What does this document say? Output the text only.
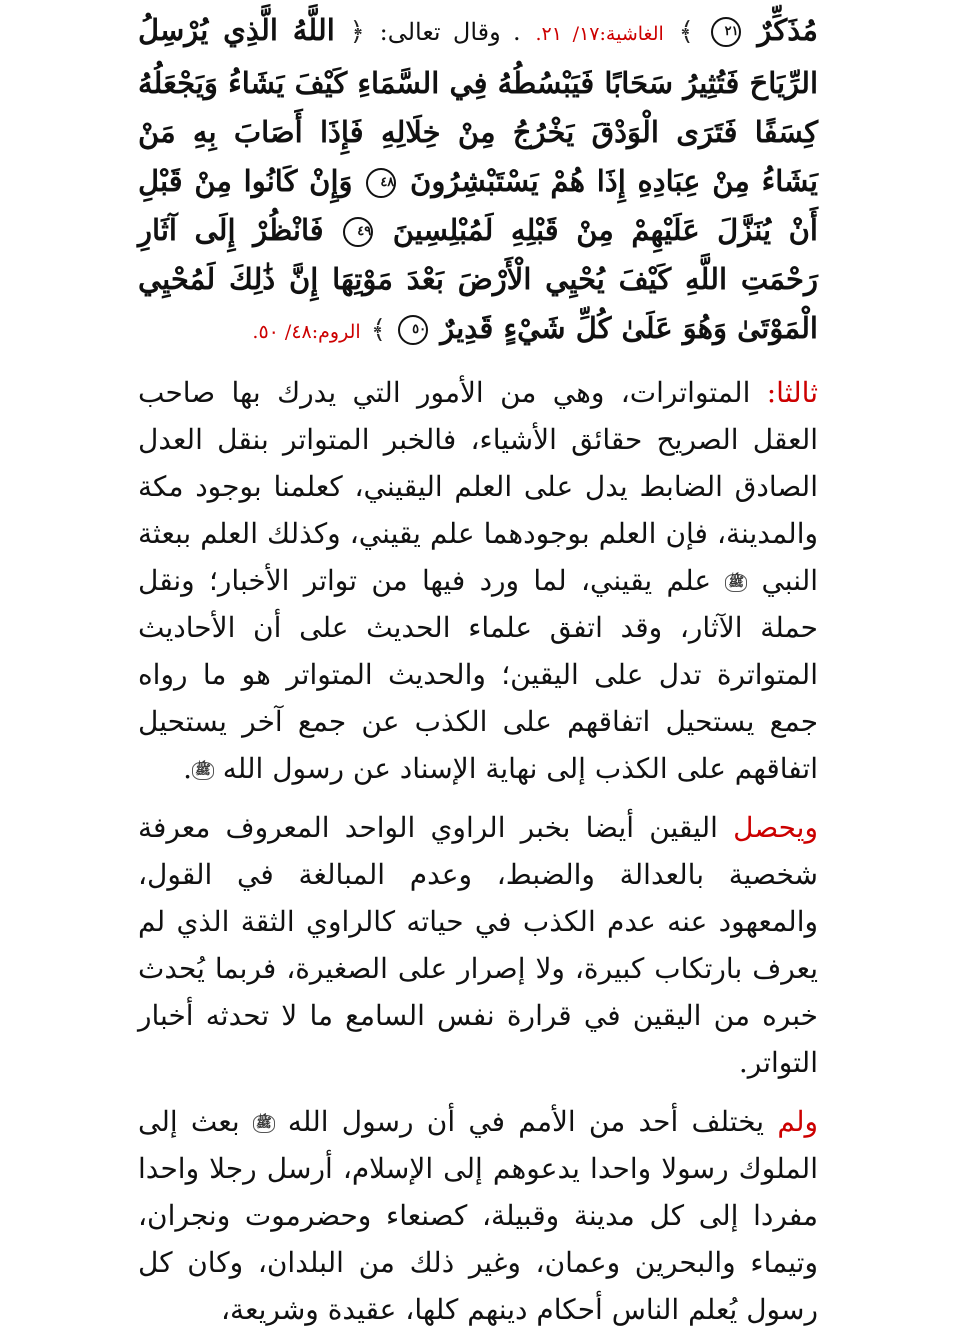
مُذَكِّرٌ ٢١ ﴾ الغاشية:١٧/ ٢١. . وقال تعالى: ﴿ اللَّهُ الَّذِي يُرْسِلُ الرِّيَاحَ فَتُثِيرُ سَحَابًا فَيَبْسُطُهُ فِي السَّمَاءِ كَيْفَ يَشَاءُ وَيَجْعَلُهُ كِسَفًا فَتَرَى الْوَدْقَ يَخْرُجُ مِنْ خِلَالِهِ فَإِذَا أَصَابَ بِهِ مَنْ يَشَاءُ مِنْ عِبَادِهِ إِذَا هُمْ يَسْتَبْشِرُونَ ٤٨ وَإِنْ كَانُوا مِنْ قَبْلِ أَنْ يُنَزَّلَ عَلَيْهِمْ مِنْ قَبْلِهِ لَمُبْلِسِينَ ٤٩ فَانْظُرْ إِلَى آثَارِ رَحْمَتِ اللَّهِ كَيْفَ يُحْيِي الْأَرْضَ بَعْدَ مَوْتِهَا إِنَّ ذَٰلِكَ لَمُحْيِي الْمَوْتَىٰ وَهُوَ عَلَىٰ كُلِّ شَيْءٍ قَدِيرٌ ٥٠ ﴾ الروم:٤٨/ ٥٠.

ثالثا: المتواترات، وهي من الأمور التي يدرك بها صاحب العقل الصريح حقائق الأشياء، فالخبر المتواتر بنقل العدل الصادق الضابط يدل على العلم اليقيني، كعلمنا بوجود مكة والمدينة، فإن العلم بوجودهما علم يقيني، وكذلك العلم ببعثة النبي ﷺ علم يقيني، لما ورد فيها من تواتر الأخبار؛ ونقل حملة الآثار، وقد اتفق علماء الحديث على أن الأحاديث المتواترة تدل على اليقين؛ والحديث المتواتر هو ما رواه جمع يستحيل اتفاقهم على الكذب عن جمع آخر يستحيل اتفاقهم على الكذب إلى نهاية الإسناد عن رسول الله ﷺ.

ويحصل اليقين أيضا بخبر الراوي الواحد المعروف معرفة شخصية بالعدالة والضبط، وعدم المبالغة في القول، والمعهود عنه عدم الكذب في حياته كالراوي الثقة الذي لم يعرف بارتكاب كبيرة، ولا إصرار على الصغيرة، فربما يُحدث خبره من اليقين في قرارة نفس السامع ما لا تحدثه أخبار التواتر.

ولم يختلف أحد من الأمم في أن رسول الله ﷺ بعث إلى الملوك رسولا واحدا يدعوهم إلى الإسلام، أرسل رجلا واحدا مفردا إلى كل مدينة وقبيلة، كصنعاء وحضرموت ونجران، وتيماء والبحرين وعمان، وغير ذلك من البلدان، وكان كل رسول يُعلم الناس أحكام دينهم كلها، عقيدة وشريعة،
